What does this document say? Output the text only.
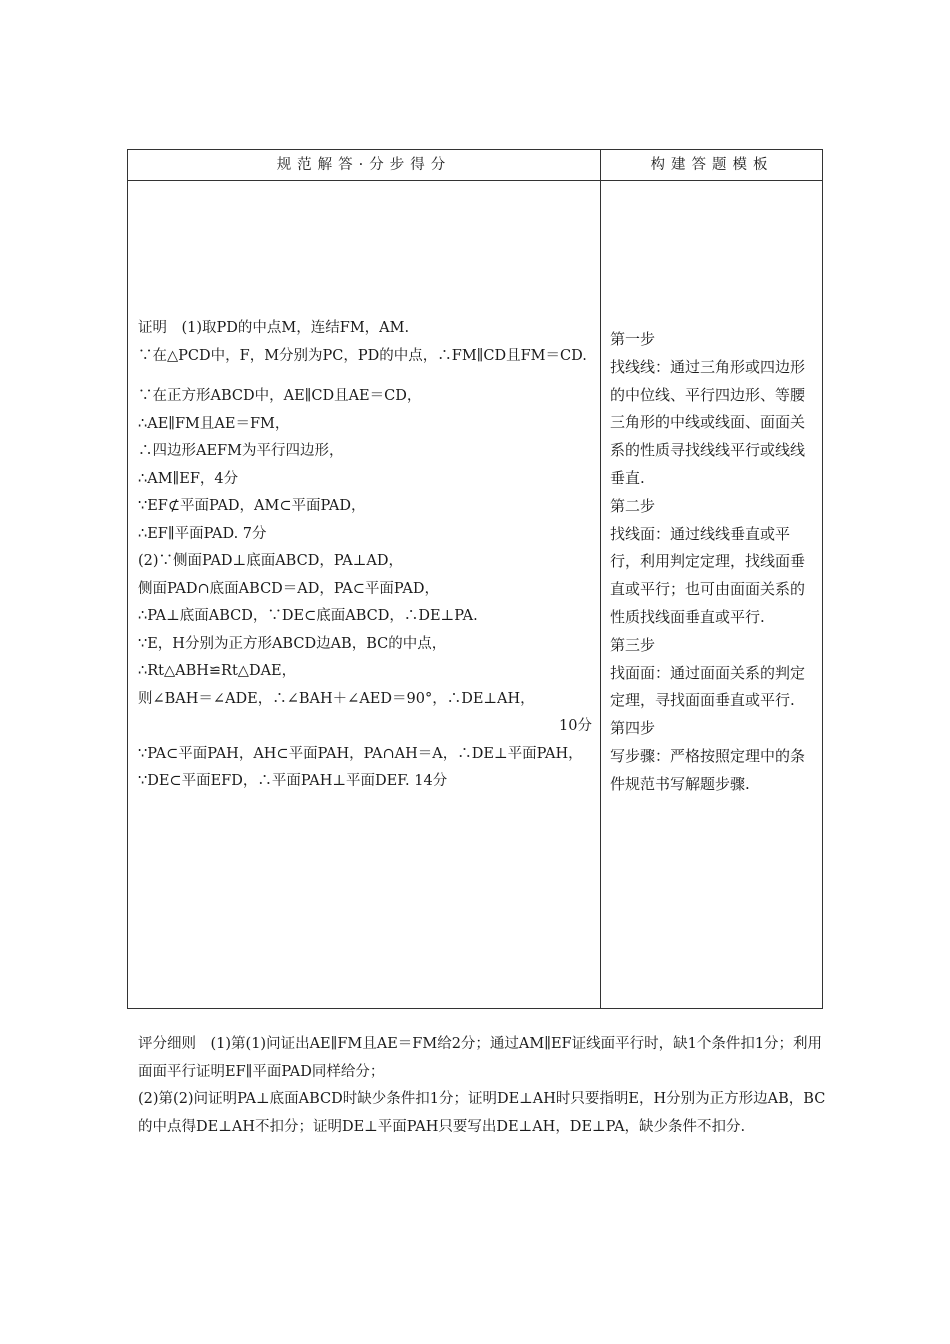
规范解答·分步得分	构建答题模板
证明　(1)取PD的中点M，连结FM，AM.
∵在△PCD中，F，M分别为PC，PD的中点，∴FM∥CD且FM＝CD.
∵在正方形ABCD中，AE∥CD且AE＝CD，
∴AE∥FM且AE＝FM，
∴四边形AEFM为平行四边形，
∴AM∥EF，4分
∵EF⊄平面PAD，AM⊂平面PAD，
∴EF∥平面PAD. 7分
(2)∵侧面PAD⊥底面ABCD，PA⊥AD，
侧面PAD∩底面ABCD＝AD，PA⊂平面PAD，
∴PA⊥底面ABCD，∵DE⊂底面ABCD，∴DE⊥PA.
∵E，H分别为正方形ABCD边AB，BC的中点，
∴Rt△ABH≌Rt△DAE，
则∠BAH＝∠ADE，∴∠BAH＋∠AED＝90°，∴DE⊥AH，
10分
∵PA⊂平面PAH，AH⊂平面PAH，PA∩AH＝A，∴DE⊥平面PAH，
∵DE⊂平面EFD，∴平面PAH⊥平面DEF. 14分
第一步
找线线：通过三角形或四边形的中位线、平行四边形、等腰三角形的中线或线面、面面关系的性质寻找线线平行或线线垂直.
第二步
找线面：通过线线垂直或平行，利用判定定理，找线面垂直或平行；也可由面面关系的性质找线面垂直或平行.
第三步
找面面：通过面面关系的判定定理，寻找面面垂直或平行.
第四步
写步骤：严格按照定理中的条件规范书写解题步骤.
评分细则　(1)第(1)问证出AE∥FM且AE＝FM给2分；通过AM∥EF证线面平行时，缺1个条件扣1分；利用面面平行证明EF∥平面PAD同样给分；
(2)第(2)问证明PA⊥底面ABCD时缺少条件扣1分；证明DE⊥AH时只要指明E，H分别为正方形边AB，BC的中点得DE⊥AH不扣分；证明DE⊥平面PAH只要写出DE⊥AH，DE⊥PA，缺少条件不扣分.
